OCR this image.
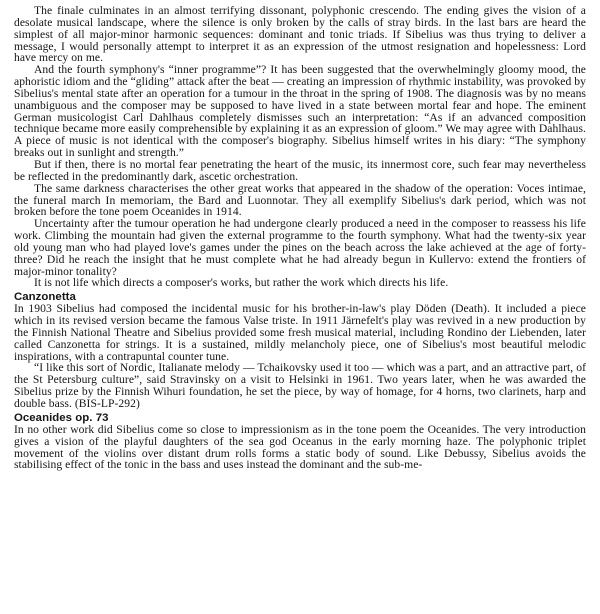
The finale culminates in an almost terrifying dissonant, polyphonic crescendo. The ending gives the vision of a desolate musical landscape, where the silence is only broken by the calls of stray birds. In the last bars are heard the simplest of all major-minor harmonic sequences: dominant and tonic triads. If Sibelius was thus trying to deliver a message, I would personally attempt to interpret it as an expression of the utmost resignation and hopelessness: Lord have mercy on me.

And the fourth symphony's “inner programme”? It has been suggested that the overwhelmingly gloomy mood, the aphoristic idiom and the “gliding” attack after the beat — creating an impression of rhythmic instability, was provoked by Sibelius's mental state after an operation for a tumour in the throat in the spring of 1908. The diagnosis was by no means unambiguous and the composer may be supposed to have lived in a state between mortal fear and hope. The eminent German musicologist Carl Dahlhaus completely dismisses such an interpretation: “As if an advanced composition technique became more easily comprehensible by explaining it as an expression of gloom.” We may agree with Dahlhaus. A piece of music is not identical with the composer's biography. Sibelius himself writes in his diary: “The symphony breaks out in sunlight and strength.”

But if then, there is no mortal fear penetrating the heart of the music, its innermost core, such fear may nevertheless be reflected in the predominantly dark, ascetic orchestration.

The same darkness characterises the other great works that appeared in the shadow of the operation: Voces intimae, the funeral march In memoriam, the Bard and Luonnotar. They all exemplify Sibelius's dark period, which was not broken before the tone poem Oceanides in 1914.

Uncertainty after the tumour operation he had undergone clearly produced a need in the composer to reassess his life work. Climbing the mountain had given the external programme to the fourth symphony. What had the twenty-six year old young man who had played love's games under the pines on the beach across the lake achieved at the age of forty-three? Did he reach the insight that he must complete what he had already begun in Kullervo: extend the frontiers of major-minor tonality?

It is not life which directs a composer's works, but rather the work which directs his life.

Canzonetta

In 1903 Sibelius had composed the incidental music for his brother-in-law's play Döden (Death). It included a piece which in its revised version became the famous Valse triste. In 1911 Järnefelt's play was revived in a new production by the Finnish National Theatre and Sibelius provided some fresh musical material, including Rondino der Liebenden, later called Canzonetta for strings. It is a sustained, mildly melancholy piece, one of Sibelius's most beautiful melodic inspirations, with a contrapuntal counter tune.

“I like this sort of Nordic, Italianate melody — Tchaikovsky used it too — which was a part, and an attractive part, of the St Petersburg culture”, said Stravinsky on a visit to Helsinki in 1961. Two years later, when he was awarded the Sibelius prize by the Finnish Wihuri foundation, he set the piece, by way of homage, for 4 horns, two clarinets, harp and double bass. (BIS-LP-292)

Oceanides op. 73

In no other work did Sibelius come so close to impressionism as in the tone poem the Oceanides. The very introduction gives a vision of the playful daughters of the sea god Oceanus in the early morning haze. The polyphonic triplet movement of the violins over distant drum rolls forms a static body of sound. Like Debussy, Sibelius avoids the stabilising effect of the tonic in the bass and uses instead the dominant and the sub-me-
